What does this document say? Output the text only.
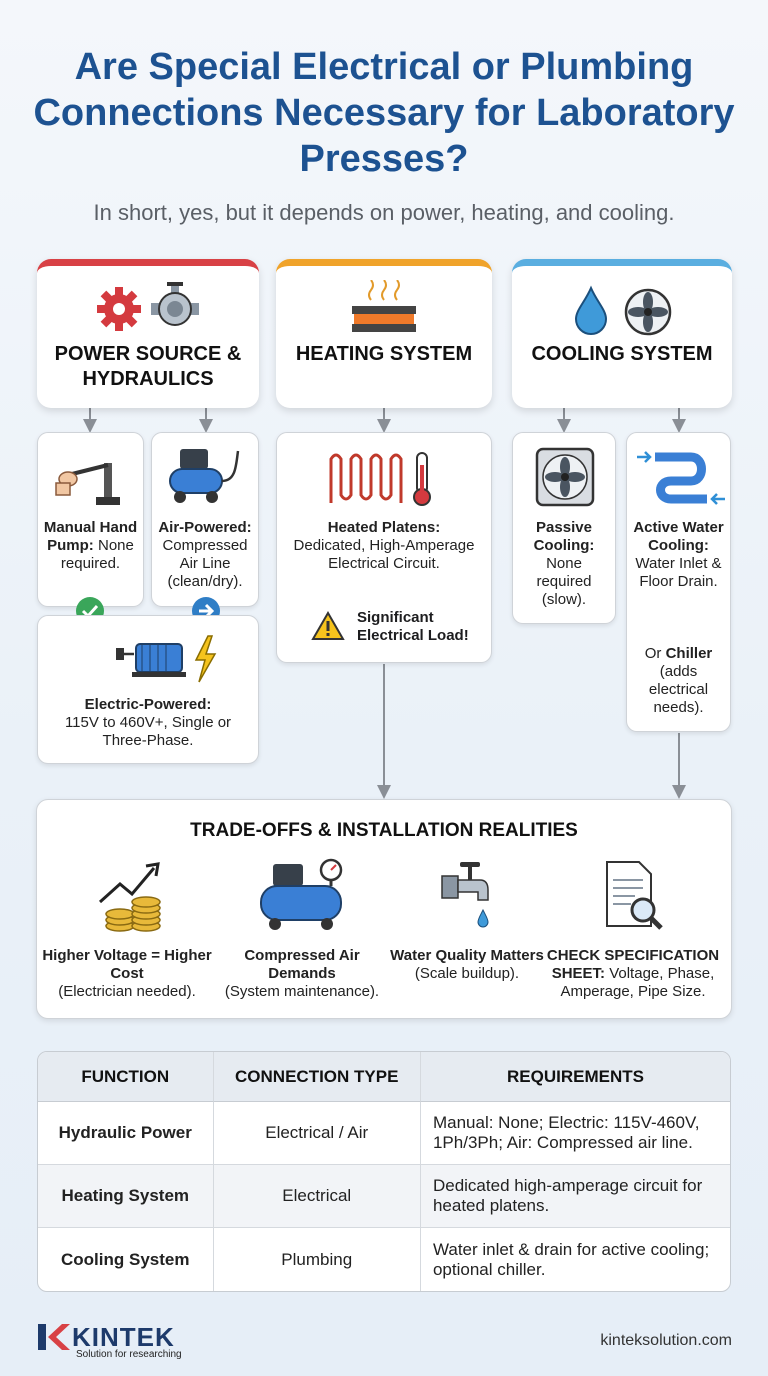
Are Special Electrical or Plumbing Connections Necessary for Laboratory Presses?
In short, yes, but it depends on power, heating, and cooling.
POWER SOURCE & HYDRAULICS
HEATING SYSTEM	COOLING SYSTEM
Manual Hand Pump: None required.
Air-Powered: Compressed Air Line (clean/dry).
Electric-Powered:
115V to 460V+, Single or Three-Phase.
Heated Platens:
Dedicated, High-Amperage Electrical Circuit.
Significant Electrical Load!
Passive Cooling:
None required (slow).
Active Water Cooling:
Water Inlet & Floor Drain.
Or Chiller (adds electrical needs).
TRADE-OFFS & INSTALLATION REALITIES
Higher Voltage = Higher Cost
(Electrician needed).
Compressed Air Demands
(System maintenance).
Water Quality Matters
(Scale buildup).
CHECK SPECIFICATION SHEET: Voltage, Phase, Amperage, Pipe Size.
FUNCTION	CONNECTION TYPE	REQUIREMENTS
Hydraulic Power	Electrical / Air	Manual: None; Electric: 115V-460V, 1Ph/3Ph; Air: Compressed air line.
Heating System	Electrical	Dedicated high-amperage circuit for heated platens.
Cooling System	Plumbing	Water inlet & drain for active cooling; optional chiller.
KINTEK
Solution for researching
kinteksolution.com
